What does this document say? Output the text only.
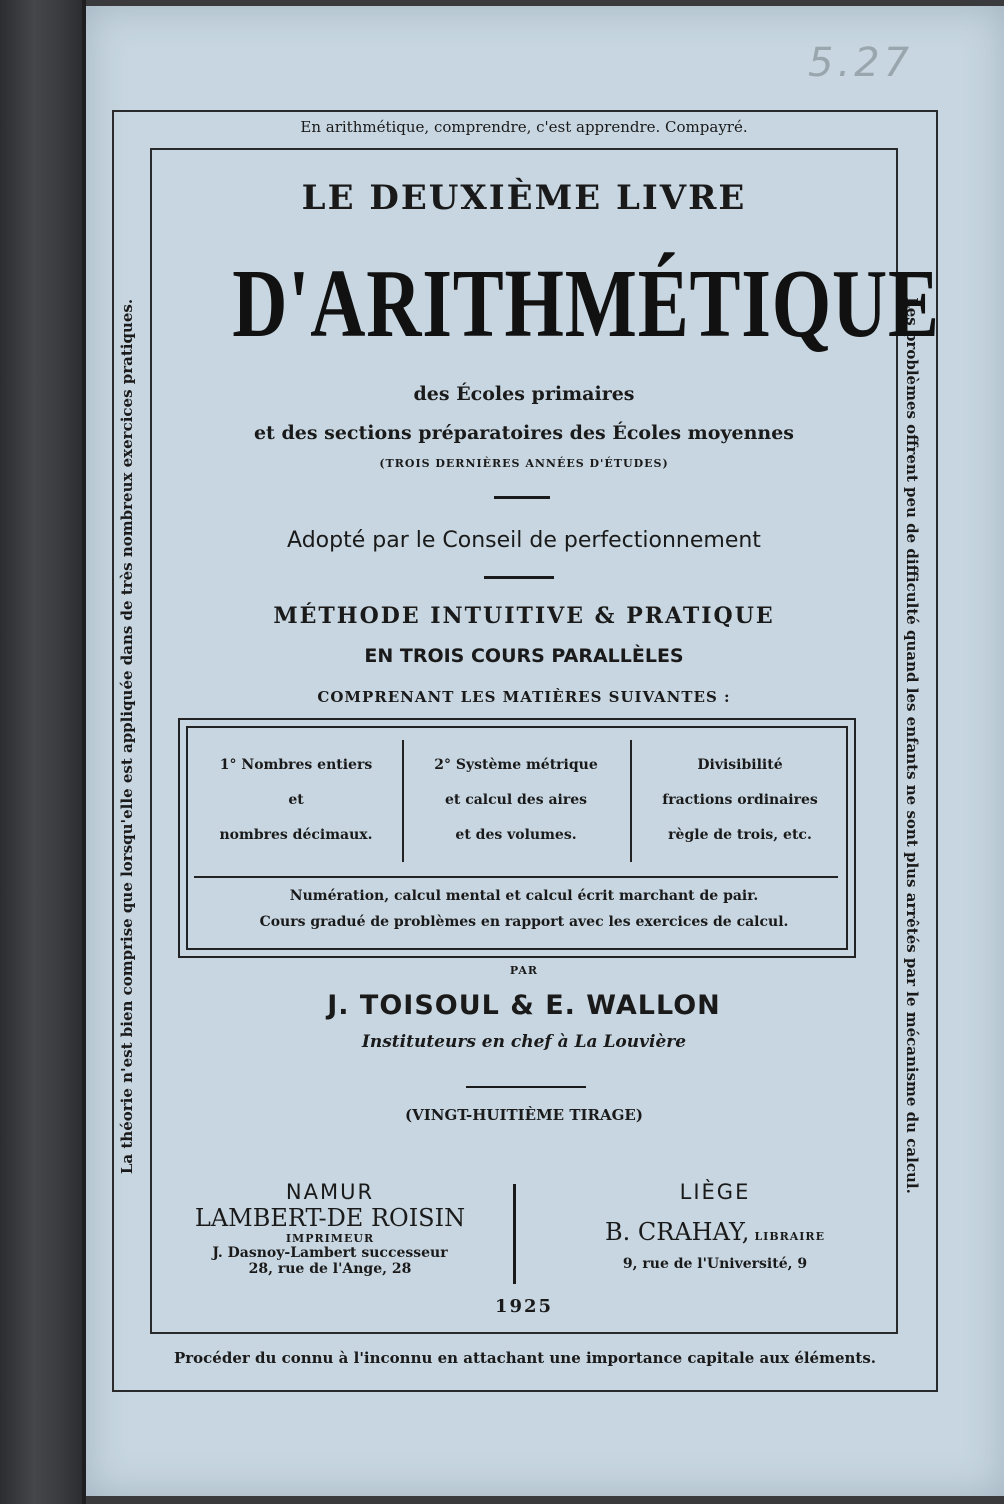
5.27
En arithmétique, comprendre, c'est apprendre. Compayré.
La théorie n'est bien comprise que lorsqu'elle est appliquée dans de très nombreux exercices pratiques.	Les problèmes offrent peu de difficulté quand les enfants ne sont plus arrêtés par le mécanisme du calcul.
LE DEUXIÈME LIVRE
D'ARITHMÉTIQUE
des Écoles primaires
et des sections préparatoires des Écoles moyennes
(TROIS DERNIÈRES ANNÉES D'ÉTUDES)
Adopté par le Conseil de perfectionnement
MÉTHODE INTUITIVE & PRATIQUE
EN TROIS COURS PARALLÈLES
COMPRENANT LES MATIÈRES SUIVANTES :
1° Nombres entiers
et
nombres décimaux.
2° Système métrique
et calcul des aires
et des volumes.
Divisibilité
fractions ordinaires
règle de trois, etc.
Numération, calcul mental et calcul écrit marchant de pair.
Cours gradué de problèmes en rapport avec les exercices de calcul.
PAR
J. TOISOUL & E. WALLON
Instituteurs en chef à La Louvière
(VINGT-HUITIÈME TIRAGE)
NAMUR
LAMBERT-DE ROISIN
IMPRIMEUR
J. Dasnoy-Lambert successeur
28, rue de l'Ange, 28
LIÈGE
B. CRAHAY, LIBRAIRE
9, rue de l'Université, 9
1925
Procéder du connu à l'inconnu en attachant une importance capitale aux éléments.
